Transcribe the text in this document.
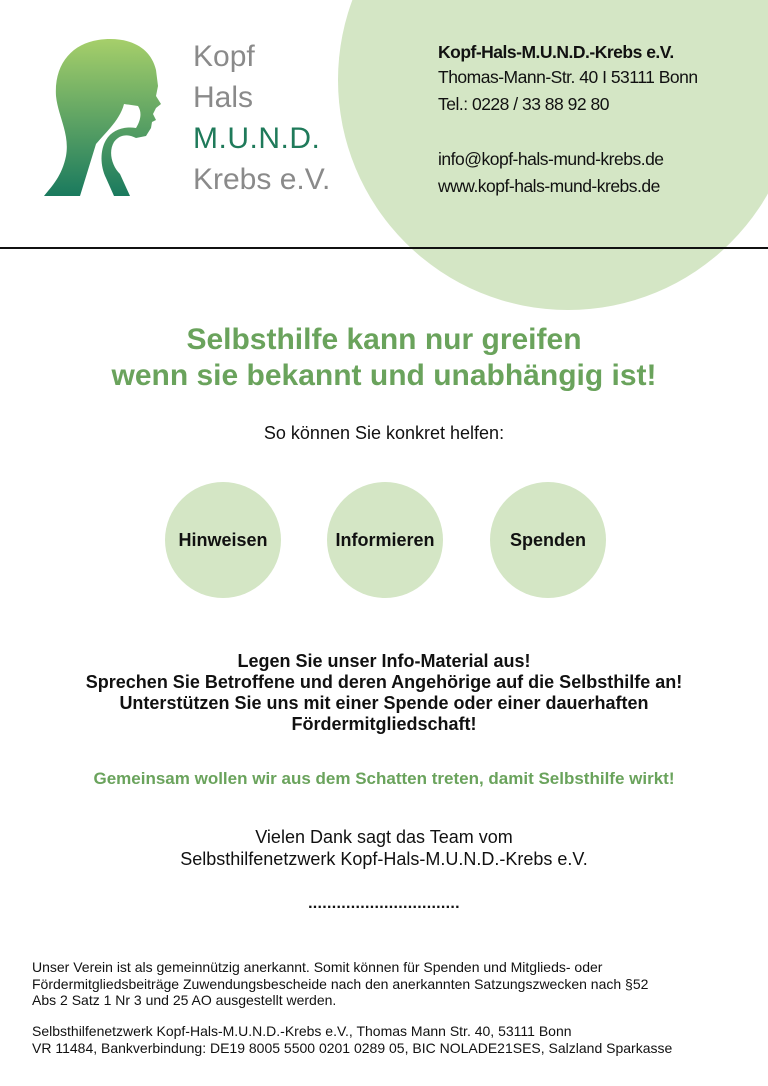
Kopf
Hals
M.U.N.D.
Krebs e.V.
Kopf-Hals-M.U.N.D.-Krebs e.V.
Thomas-Mann-Str. 40 I 53111 Bonn
Tel.: 0228 / 33 88 92 80
info@kopf-hals-mund-krebs.de
www.kopf-hals-mund-krebs.de
Selbsthilfe kann nur greifen
wenn sie bekannt und unabhängig ist!
So können Sie konkret helfen:
Hinweisen	Informieren	Spenden
Legen Sie unser Info-Material aus!
Sprechen Sie Betroffene und deren Angehörige auf die Selbsthilfe an!
Unterstützen Sie uns mit einer Spende oder einer dauerhaften
Fördermitgliedschaft!
Gemeinsam wollen wir aus dem Schatten treten, damit Selbsthilfe wirkt!
Vielen Dank sagt das Team vom
Selbsthilfenetzwerk Kopf-Hals-M.U.N.D.-Krebs e.V.
................................
Unser Verein ist als gemeinnützig anerkannt. Somit können für Spenden und Mitglieds- oder
Fördermitgliedsbeiträge Zuwendungsbescheide nach den anerkannten Satzungszwecken nach §52
Abs 2 Satz 1 Nr 3 und 25 AO ausgestellt werden.
Selbsthilfenetzwerk Kopf-Hals-M.U.N.D.-Krebs e.V., Thomas Mann Str. 40, 53111 Bonn
VR 11484, Bankverbindung: DE19 8005 5500 0201 0289 05, BIC NOLADE21SES, Salzland Sparkasse
